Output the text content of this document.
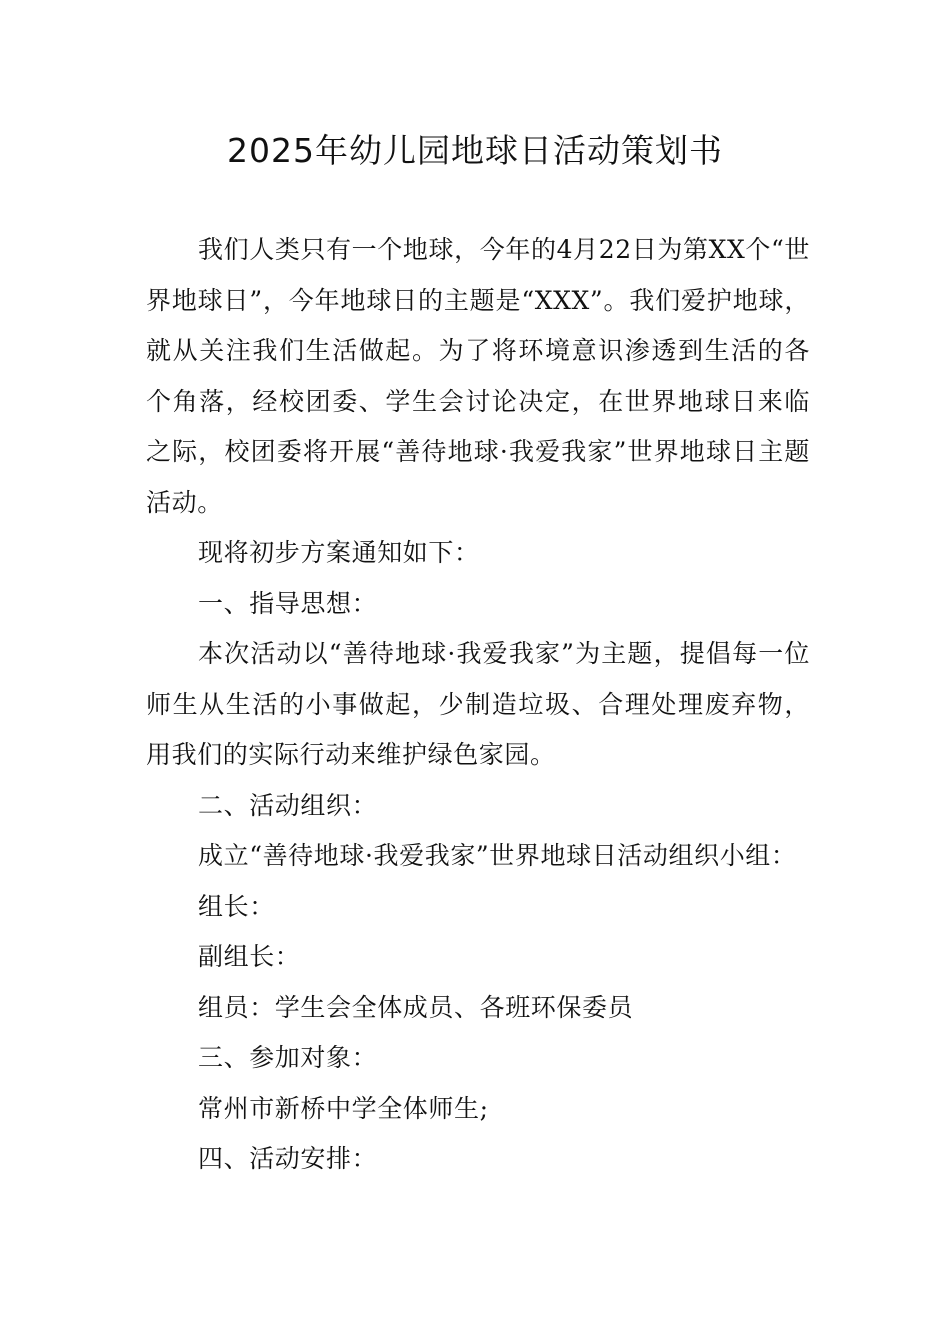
2025年幼儿园地球日活动策划书

我们人类只有一个地球，今年的4月22日为第XX个“世界地球日”，今年地球日的主题是“XXX”。我们爱护地球，就从关注我们生活做起。为了将环境意识渗透到生活的各个角落，经校团委、学生会讨论决定，在世界地球日来临之际，校团委将开展“善待地球·我爱我家”世界地球日主题活动。

现将初步方案通知如下：

一、指导思想：

本次活动以“善待地球·我爱我家”为主题，提倡每一位师生从生活的小事做起，少制造垃圾、合理处理废弃物，用我们的实际行动来维护绿色家园。

二、活动组织：

成立“善待地球·我爱我家”世界地球日活动组织小组：

组长：

副组长：

组员：学生会全体成员、各班环保委员

三、参加对象：

常州市新桥中学全体师生;

四、活动安排：
